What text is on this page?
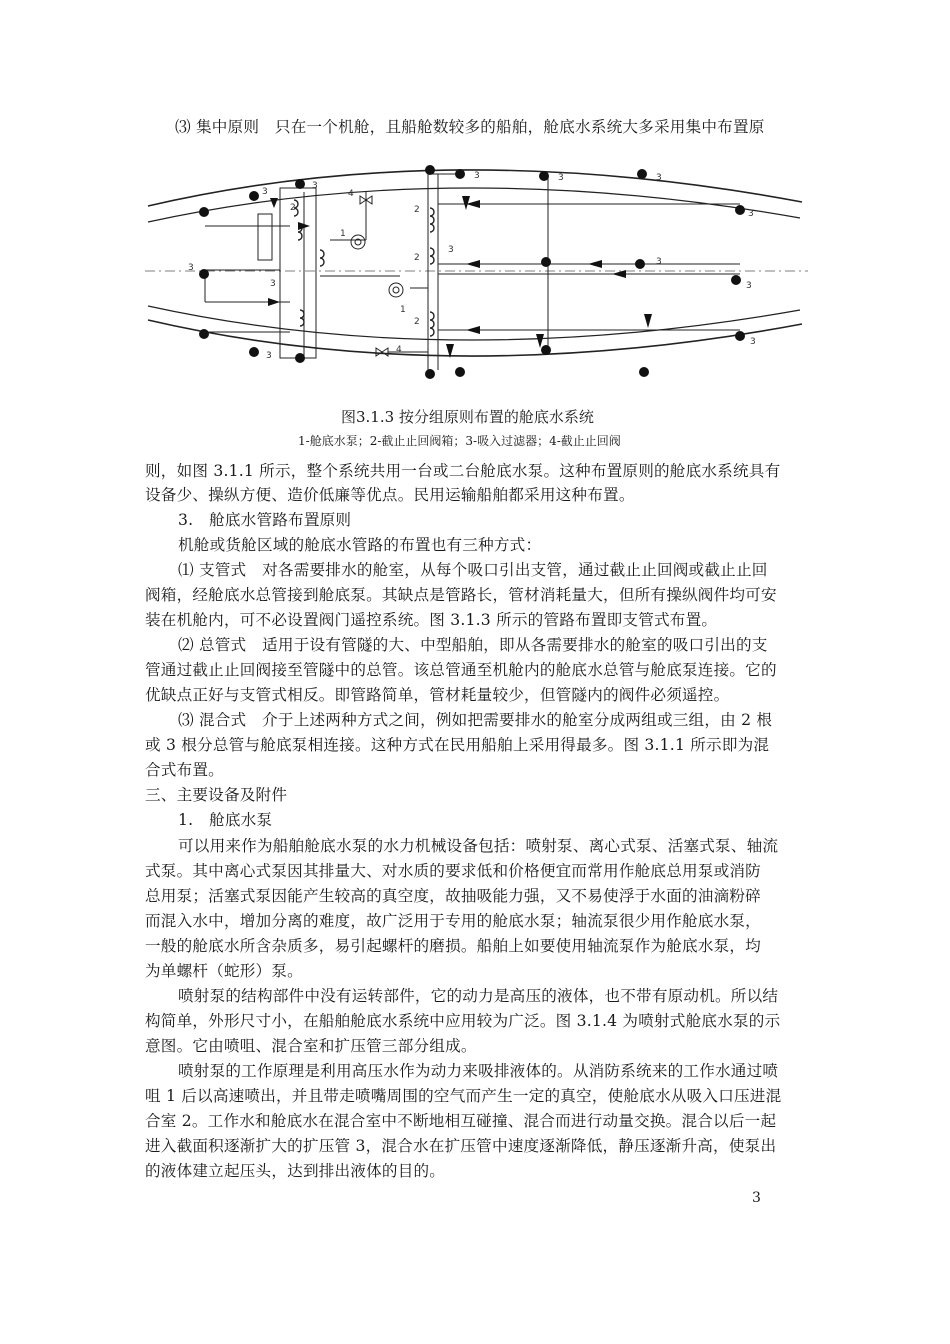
⑶ 集中原则　只在一个机舱，且船舱数较多的船舶，舱底水系统大多采用集中布置原
3
3
1
4
2
3
3
3
1
4
2
2
2
3
3	3	3
3
3
3
3
图3.1.3 按分组原则布置的舱底水系统
1-舱底水泵；2-截止止回阀箱；3-吸入过滤器；4-截止止回阀
则，如图 3.1.1 所示，整个系统共用一台或二台舱底水泵。这种布置原则的舱底水系统具有
设备少、操纵方便、造价低廉等优点。民用运输船舶都采用这种布置。
3.　舱底水管路布置原则
机舱或货舱区域的舱底水管路的布置也有三种方式：
⑴ 支管式　对各需要排水的舱室，从每个吸口引出支管，通过截止止回阀或截止止回
阀箱，经舱底水总管接到舱底泵。其缺点是管路长，管材消耗量大，但所有操纵阀件均可安
装在机舱内，可不必设置阀门遥控系统。图 3.1.3 所示的管路布置即支管式布置。
⑵ 总管式　适用于设有管隧的大、中型船舶，即从各需要排水的舱室的吸口引出的支
管通过截止止回阀接至管隧中的总管。该总管通至机舱内的舱底水总管与舱底泵连接。它的
优缺点正好与支管式相反。即管路简单，管材耗量较少，但管隧内的阀件必须遥控。
⑶ 混合式　介于上述两种方式之间，例如把需要排水的舱室分成两组或三组，由 2 根
或 3 根分总管与舱底泵相连接。这种方式在民用船舶上采用得最多。图 3.1.1 所示即为混
合式布置。
三、主要设备及附件
1.　舱底水泵
可以用来作为船舶舱底水泵的水力机械设备包括：喷射泵、离心式泵、活塞式泵、轴流
式泵。其中离心式泵因其排量大、对水质的要求低和价格便宜而常用作舱底总用泵或消防
总用泵；活塞式泵因能产生较高的真空度，故抽吸能力强，又不易使浮于水面的油滴粉碎
而混入水中，增加分离的难度，故广泛用于专用的舱底水泵；轴流泵很少用作舱底水泵，
一般的舱底水所含杂质多，易引起螺杆的磨损。船舶上如要使用轴流泵作为舱底水泵，均
为单螺杆（蛇形）泵。
喷射泵的结构部件中没有运转部件，它的动力是高压的液体，也不带有原动机。所以结
构简单，外形尺寸小，在船舶舱底水系统中应用较为广泛。图 3.1.4 为喷射式舱底水泵的示
意图。它由喷咀、混合室和扩压管三部分组成。
喷射泵的工作原理是利用高压水作为动力来吸排液体的。从消防系统来的工作水通过喷
咀 1 后以高速喷出，并且带走喷嘴周围的空气而产生一定的真空，使舱底水从吸入口压进混
合室 2。工作水和舱底水在混合室中不断地相互碰撞、混合而进行动量交换。混合以后一起
进入截面积逐渐扩大的扩压管 3，混合水在扩压管中速度逐渐降低，静压逐渐升高，使泵出
的液体建立起压头，达到排出液体的目的。
3
